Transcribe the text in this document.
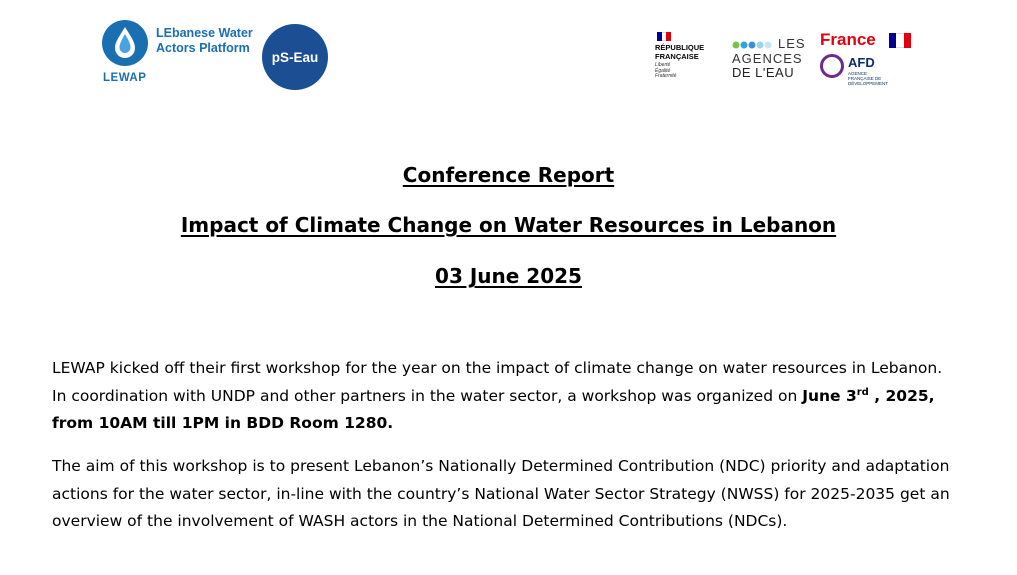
LEbanese Water
Actors Platform
LEWAP
pS-Eau
RÉPUBLIQUE
FRANÇAISE
Liberté
Égalité
Fraternité
LES
AGENCES
DE L'EAU
France
AFD
AGENCE FRANÇAISE DE DÉVELOPPEMENT
Conference Report
Impact of Climate Change on Water Resources in Lebanon
03 June 2025
LEWAP kicked off their first workshop for the year on the impact of climate change on water resources in Lebanon. In coordination with UNDP and other partners in the water sector, a workshop was organized on June 3rd , 2025, from 10AM till 1PM in BDD Room 1280.
The aim of this workshop is to present Lebanon’s Nationally Determined Contribution (NDC) priority and adaptation actions for the water sector, in-line with the country’s National Water Sector Strategy (NWSS) for 2025-2035 get an overview of the involvement of WASH actors in the National Determined Contributions (NDCs).
